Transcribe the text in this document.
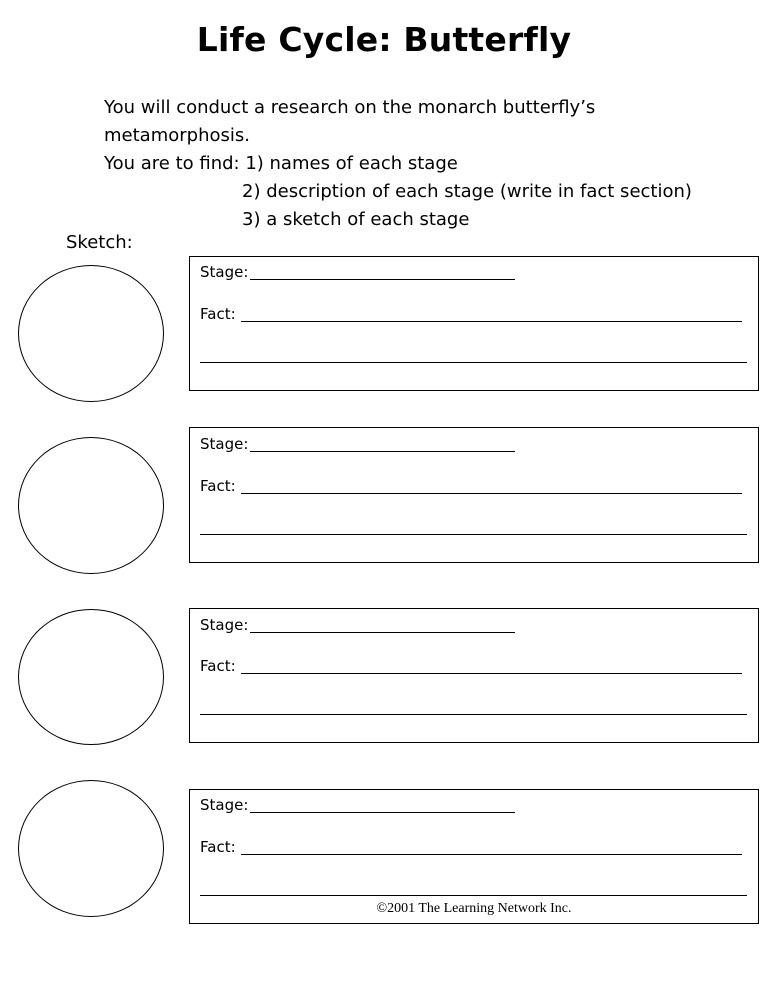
Life Cycle: Butterfly
You will conduct a research on the monarch butterfly’s
metamorphosis.
You are to find: 1) names of each stage
2) description of each stage (write in fact section)
3) a sketch of each stage
Sketch:
Stage:
Fact:
Stage:
Fact:
Stage:
Fact:
Stage:
Fact:
©2001 The Learning Network Inc.
